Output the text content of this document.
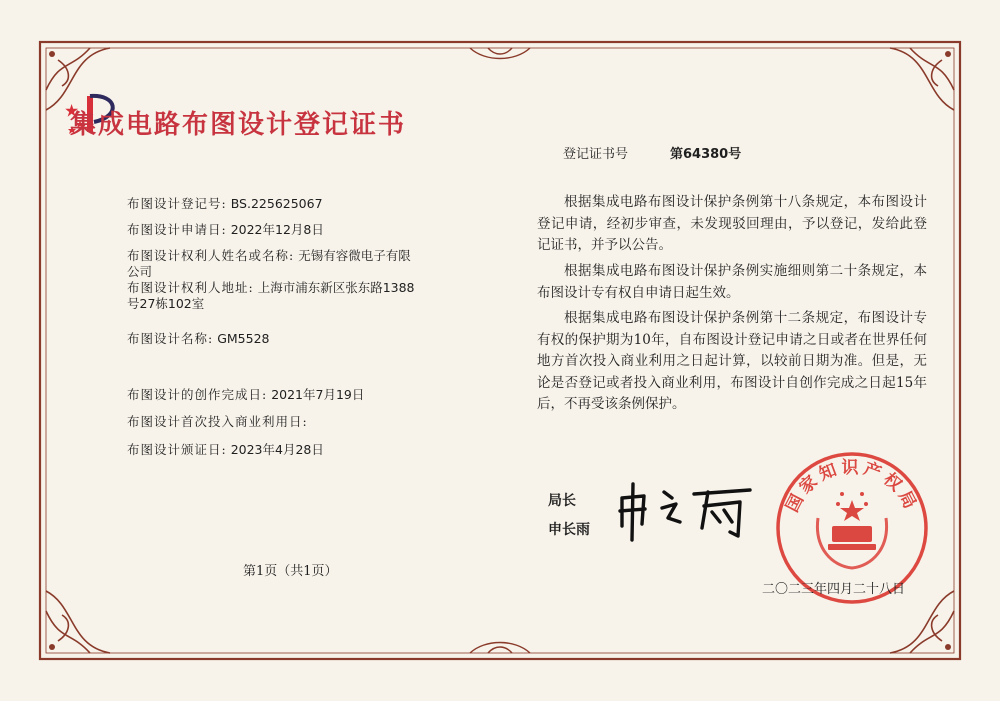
集成电路布图设计登记证书
登记证书号	第64380号
布图设计登记号: BS.225625067
布图设计申请日: 2022年12月8日
布图设计权利人姓名或名称: 无锡有容微电子有限
公司
布图设计权利人地址: 上海市浦东新区张东路1388
号27栋102室
布图设计名称: GM5528
布图设计的创作完成日: 2021年7月19日
布图设计首次投入商业利用日:
布图设计颁证日: 2023年4月28日
根据集成电路布图设计保护条例第十八条规定，本布图设计登记申请，经初步审查，未发现驳回理由，予以登记，发给此登记证书，并予以公告。
根据集成电路布图设计保护条例实施细则第二十条规定，本布图设计专有权自申请日起生效。
根据集成电路布图设计保护条例第十二条规定，布图设计专有权的保护期为10年，自布图设计登记申请之日或者在世界任何地方首次投入商业利用之日起计算，以较前日期为准。但是，无论是否登记或者投入商业利用，布图设计自创作完成之日起15年后，不再受该条例保护。
第1页（共1页）
局长
申长雨
国家知识产权局
二〇二三年四月二十八日
